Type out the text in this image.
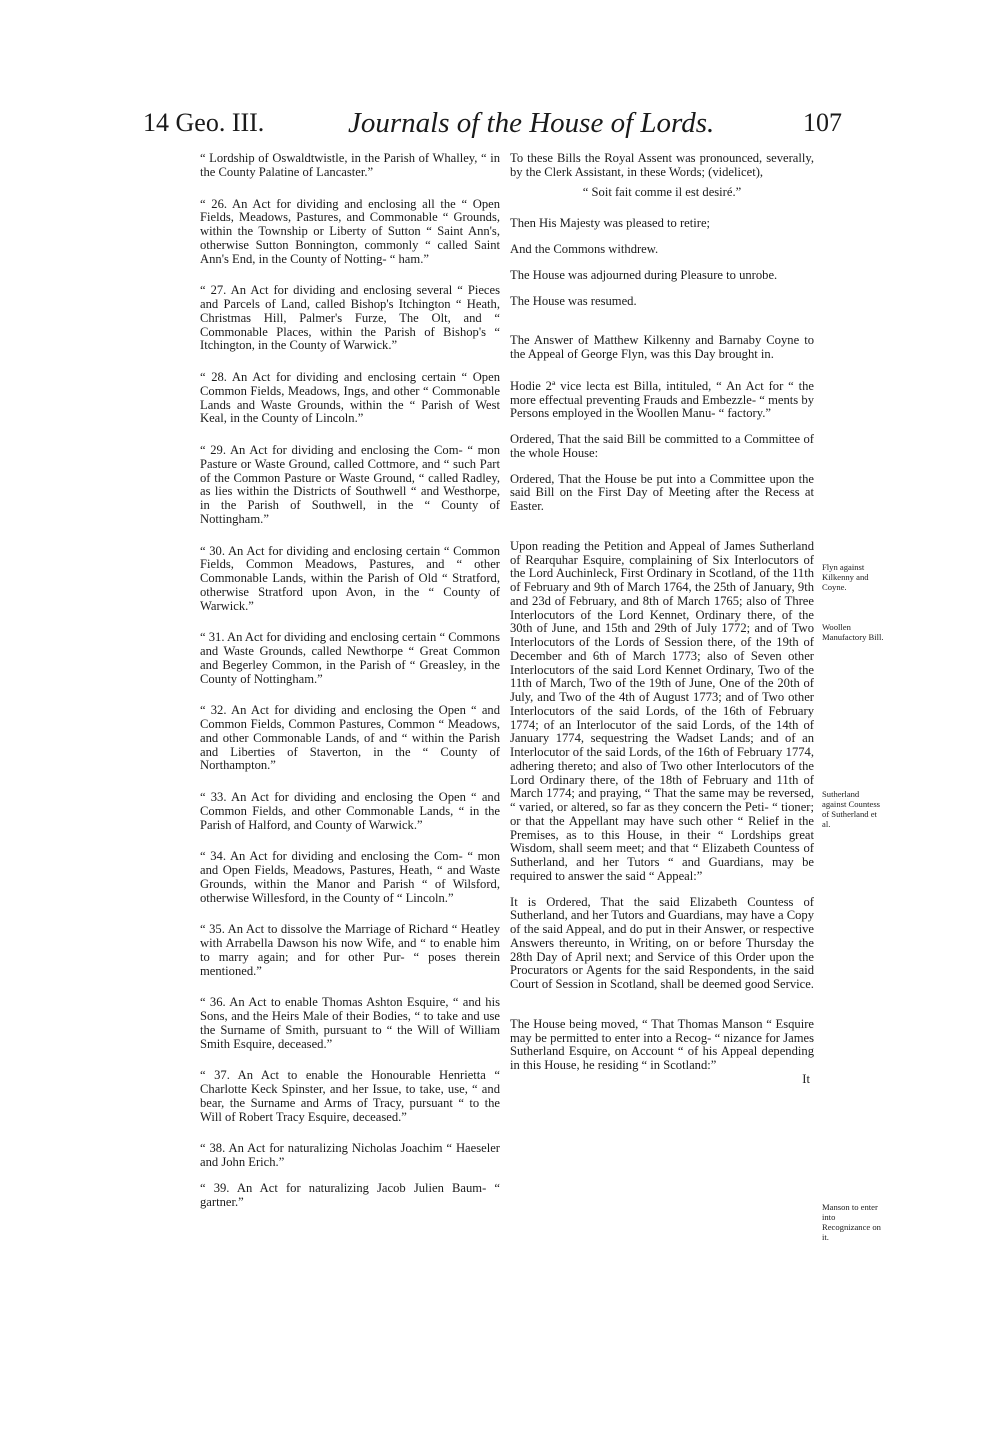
14 Geo. III.	Journals of the House of Lords.	107

“ Lordship of Oswaldtwistle, in the Parish of Whalley, “ in the County Palatine of Lancaster.”

“ 26. An Act for dividing and enclosing all the “ Open Fields, Meadows, Pastures, and Commonable “ Grounds, within the Township or Liberty of Sutton “ Saint Ann's, otherwise Sutton Bonnington, commonly “ called Saint Ann's End, in the County of Notting- “ ham.”

“ 27. An Act for dividing and enclosing several “ Pieces and Parcels of Land, called Bishop's Itchington “ Heath, Christmas Hill, Palmer's Furze, The Olt, and “ Commonable Places, within the Parish of Bishop's “ Itchington, in the County of Warwick.”

“ 28. An Act for dividing and enclosing certain “ Open Common Fields, Meadows, Ings, and other “ Commonable Lands and Waste Grounds, within the “ Parish of West Keal, in the County of Lincoln.”

“ 29. An Act for dividing and enclosing the Com- “ mon Pasture or Waste Ground, called Cottmore, and “ such Part of the Common Pasture or Waste Ground, “ called Radley, as lies within the Districts of Southwell “ and Westhorpe, in the Parish of Southwell, in the “ County of Nottingham.”

“ 30. An Act for dividing and enclosing certain “ Common Fields, Common Meadows, Pastures, and “ other Commonable Lands, within the Parish of Old “ Stratford, otherwise Stratford upon Avon, in the “ County of Warwick.”

“ 31. An Act for dividing and enclosing certain “ Commons and Waste Grounds, called Newthorpe “ Great Common and Begerley Common, in the Parish of “ Greasley, in the County of Nottingham.”

“ 32. An Act for dividing and enclosing the Open “ and Common Fields, Common Pastures, Common “ Meadows, and other Commonable Lands, of and “ within the Parish and Liberties of Staverton, in the “ County of Northampton.”

“ 33. An Act for dividing and enclosing the Open “ and Common Fields, and other Commonable Lands, “ in the Parish of Halford, and County of Warwick.”

“ 34. An Act for dividing and enclosing the Com- “ mon and Open Fields, Meadows, Pastures, Heath, “ and Waste Grounds, within the Manor and Parish “ of Wilsford, otherwise Willesford, in the County of “ Lincoln.”

“ 35. An Act to dissolve the Marriage of Richard “ Heatley with Arrabella Dawson his now Wife, and “ to enable him to marry again; and for other Pur- “ poses therein mentioned.”

“ 36. An Act to enable Thomas Ashton Esquire, “ and his Sons, and the Heirs Male of their Bodies, “ to take and use the Surname of Smith, pursuant to “ the Will of William Smith Esquire, deceased.”

“ 37. An Act to enable the Honourable Henrietta “ Charlotte Keck Spinster, and her Issue, to take, use, “ and bear, the Surname and Arms of Tracy, pursuant “ to the Will of Robert Tracy Esquire, deceased.”

“ 38. An Act for naturalizing Nicholas Joachim “ Haeseler and John Erich.”

“ 39. An Act for naturalizing Jacob Julien Baum- “ gartner.”

To these Bills the Royal Assent was pronounced, severally, by the Clerk Assistant, in these Words; (videlicet),

“ Soit fait comme il est desiré.”

Then His Majesty was pleased to retire;

And the Commons withdrew.

The House was adjourned during Pleasure to unrobe.

The House was resumed.

The Answer of Matthew Kilkenny and Barnaby Coyne to the Appeal of George Flyn, was this Day brought in.

Hodie 2ª vice lecta est Billa, intituled, “ An Act for “ the more effectual preventing Frauds and Embezzle- “ ments by Persons employed in the Woollen Manu- “ factory.”

Ordered, That the said Bill be committed to a Committee of the whole House:

Ordered, That the House be put into a Committee upon the said Bill on the First Day of Meeting after the Recess at Easter.

Upon reading the Petition and Appeal of James Sutherland of Rearquhar Esquire, complaining of Six Interlocutors of the Lord Auchinleck, First Ordinary in Scotland, of the 11th of February and 9th of March 1764, the 25th of January, 9th and 23d of February, and 8th of March 1765; also of Three Interlocutors of the Lord Kennet, Ordinary there, of the 30th of June, and 15th and 29th of July 1772; and of Two Interlocutors of the Lords of Session there, of the 19th of December and 6th of March 1773; also of Seven other Interlocutors of the said Lord Kennet Ordinary, Two of the 11th of March, Two of the 19th of June, One of the 20th of July, and Two of the 4th of August 1773; and of Two other Interlocutors of the said Lords, of the 16th of February 1774; of an Interlocutor of the said Lords, of the 14th of January 1774, sequestring the Wadset Lands; and of an Interlocutor of the said Lords, of the 16th of February 1774, adhering thereto; and also of Two other Interlocutors of the Lord Ordinary there, of the 18th of February and 11th of March 1774; and praying, “ That the same may be reversed, “ varied, or altered, so far as they concern the Peti- “ tioner; or that the Appellant may have such other “ Relief in the Premises, as to this House, in their “ Lordships great Wisdom, shall seem meet; and that “ Elizabeth Countess of Sutherland, and her Tutors “ and Guardians, may be required to answer the said “ Appeal:”

It is Ordered, That the said Elizabeth Countess of Sutherland, and her Tutors and Guardians, may have a Copy of the said Appeal, and do put in their Answer, or respective Answers thereunto, in Writing, on or before Thursday the 28th Day of April next; and Service of this Order upon the Procurators or Agents for the said Respondents, in the said Court of Session in Scotland, shall be deemed good Service.

The House being moved, “ That Thomas Manson “ Esquire may be permitted to enter into a Recog- “ nizance for James Sutherland Esquire, on Account “ of his Appeal depending in this House, he residing “ in Scotland:”

It

Flyn against Kilkenny and Coyne.
Woollen Manufactory Bill.
Sutherland against Countess of Sutherland et al.
Manson to enter into Recognizance on it.
